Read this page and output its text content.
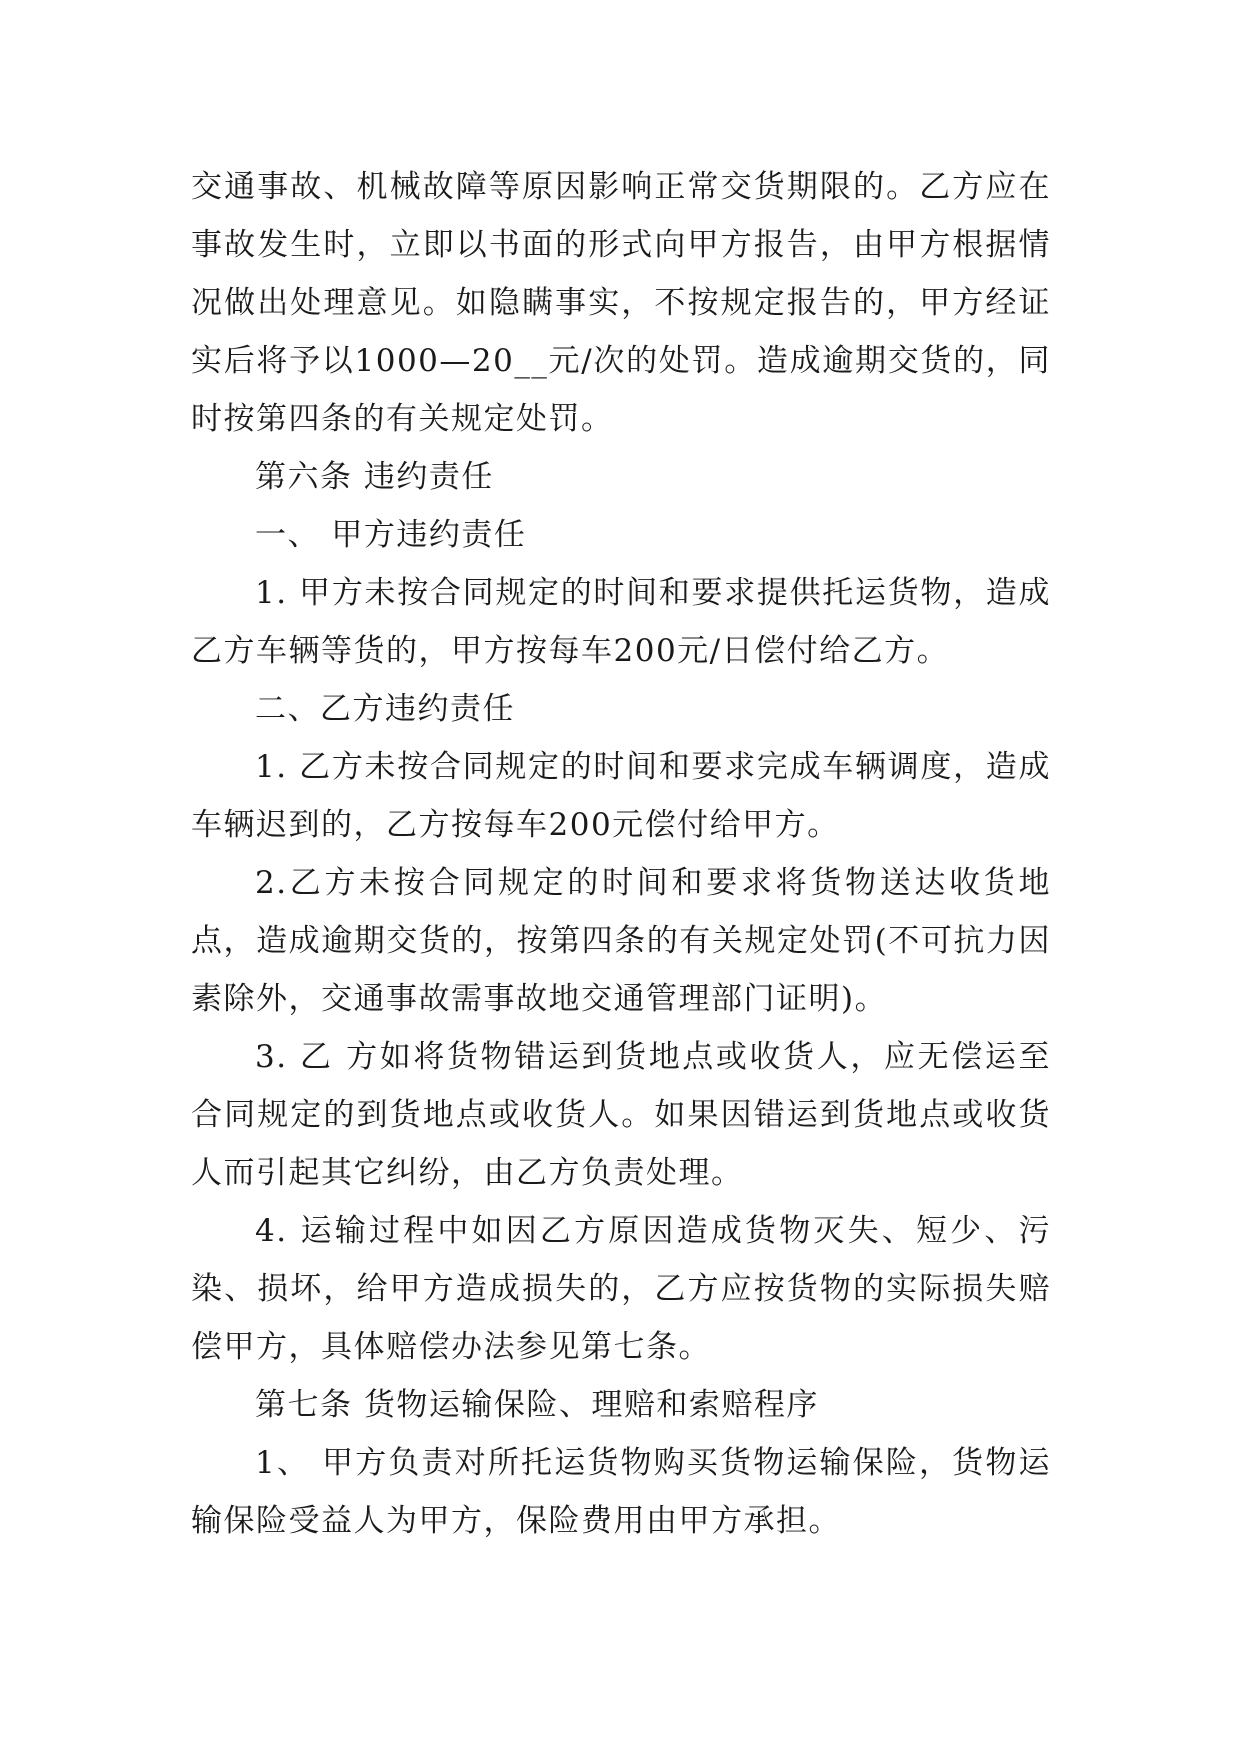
交通事故、机械故障等原因影响正常交货期限的。乙方应在事故发生时，立即以书面的形式向甲方报告，由甲方根据情况做出处理意见。如隐瞒事实，不按规定报告的，甲方经证实后将予以1000—20__元/次的处罚。造成逾期交货的，同时按第四条的有关规定处罚。

第六条 违约责任

一、 甲方违约责任

1. 甲方未按合同规定的时间和要求提供托运货物，造成乙方车辆等货的，甲方按每车200元/日偿付给乙方。

二、乙方违约责任

1. 乙方未按合同规定的时间和要求完成车辆调度，造成车辆迟到的，乙方按每车200元偿付给甲方。

2.乙方未按合同规定的时间和要求将货物送达收货地点，造成逾期交货的，按第四条的有关规定处罚(不可抗力因素除外，交通事故需事故地交通管理部门证明)。

3. 乙 方如将货物错运到货地点或收货人，应无偿运至合同规定的到货地点或收货人。如果因错运到货地点或收货人而引起其它纠纷，由乙方负责处理。

4. 运输过程中如因乙方原因造成货物灭失、短少、污染、损坏，给甲方造成损失的，乙方应按货物的实际损失赔偿甲方，具体赔偿办法参见第七条。

第七条 货物运输保险、理赔和索赔程序

1、 甲方负责对所托运货物购买货物运输保险，货物运输保险受益人为甲方，保险费用由甲方承担。
